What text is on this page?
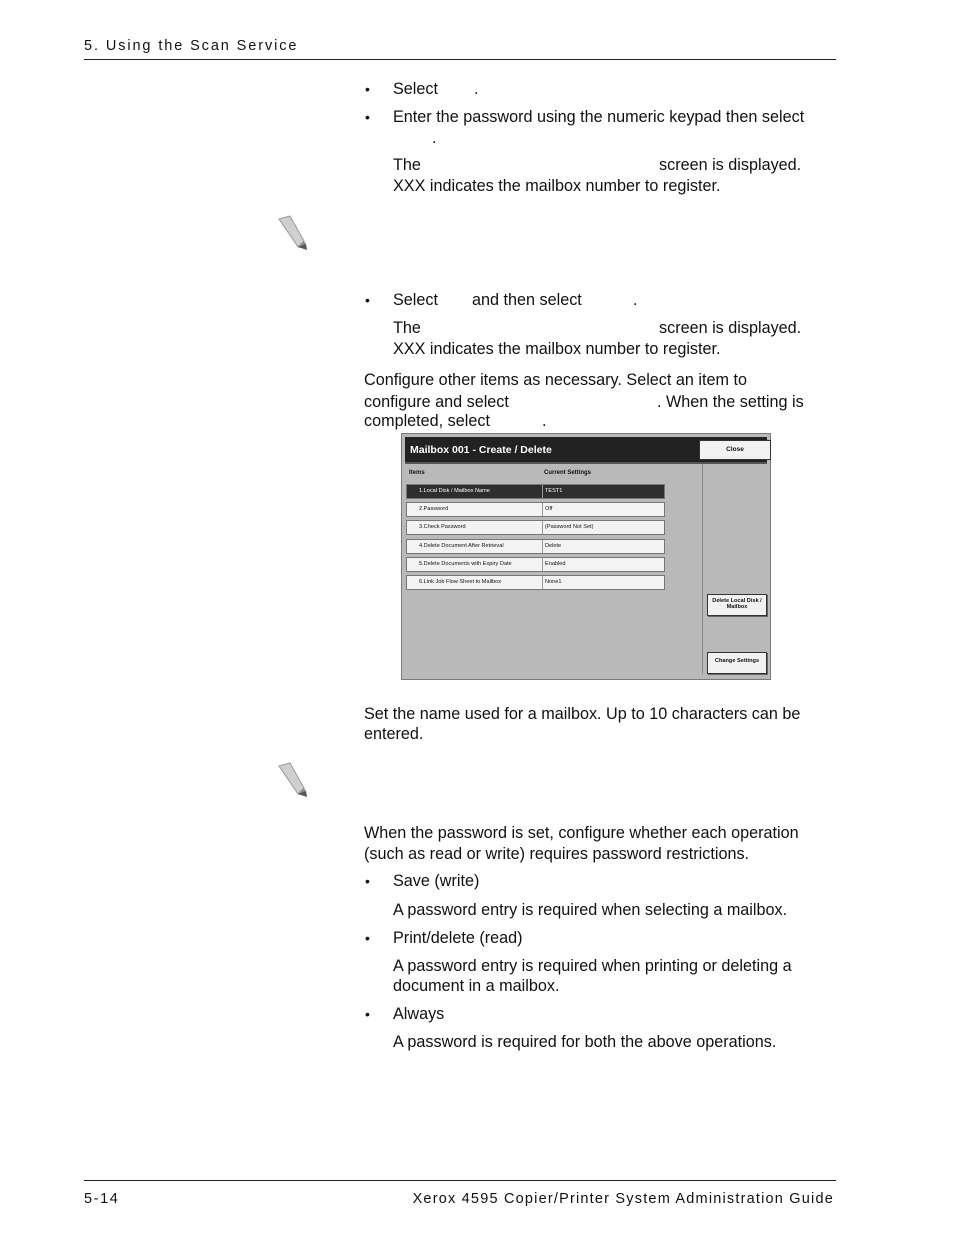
5. Using the Scan Service
• Select .
• Enter the password using the numeric keypad then select
.
The	screen is displayed.
XXX indicates the mailbox number to register.
• Select and then select	.
The	screen is displayed.
XXX indicates the mailbox number to register.
Configure other items as necessary. Select an item to
configure and select	. When the setting is
completed, select	.
Mailbox 001 - Create / Delete	Close
Items	Current Settings
1.Local Disk / Mailbox Name	TEST1
2.Password	Off
3.Check Password	(Password Not Set)
4.Delete Document After Retrieval	Delete
5.Delete Documents with Expiry Date	Enabled
6.Link Job Flow Sheet to Mailbox	None1
Delete Local Disk /
Mailbox
Change Settings
Set the name used for a mailbox. Up to 10 characters can be
entered.
When the password is set, configure whether each operation
(such as read or write) requires password restrictions.
• Save (write)
A password entry is required when selecting a mailbox.
• Print/delete (read)
A password entry is required when printing or deleting a
document in a mailbox.
• Always
A password is required for both the above operations.
5-14	Xerox 4595 Copier/Printer System Administration Guide
